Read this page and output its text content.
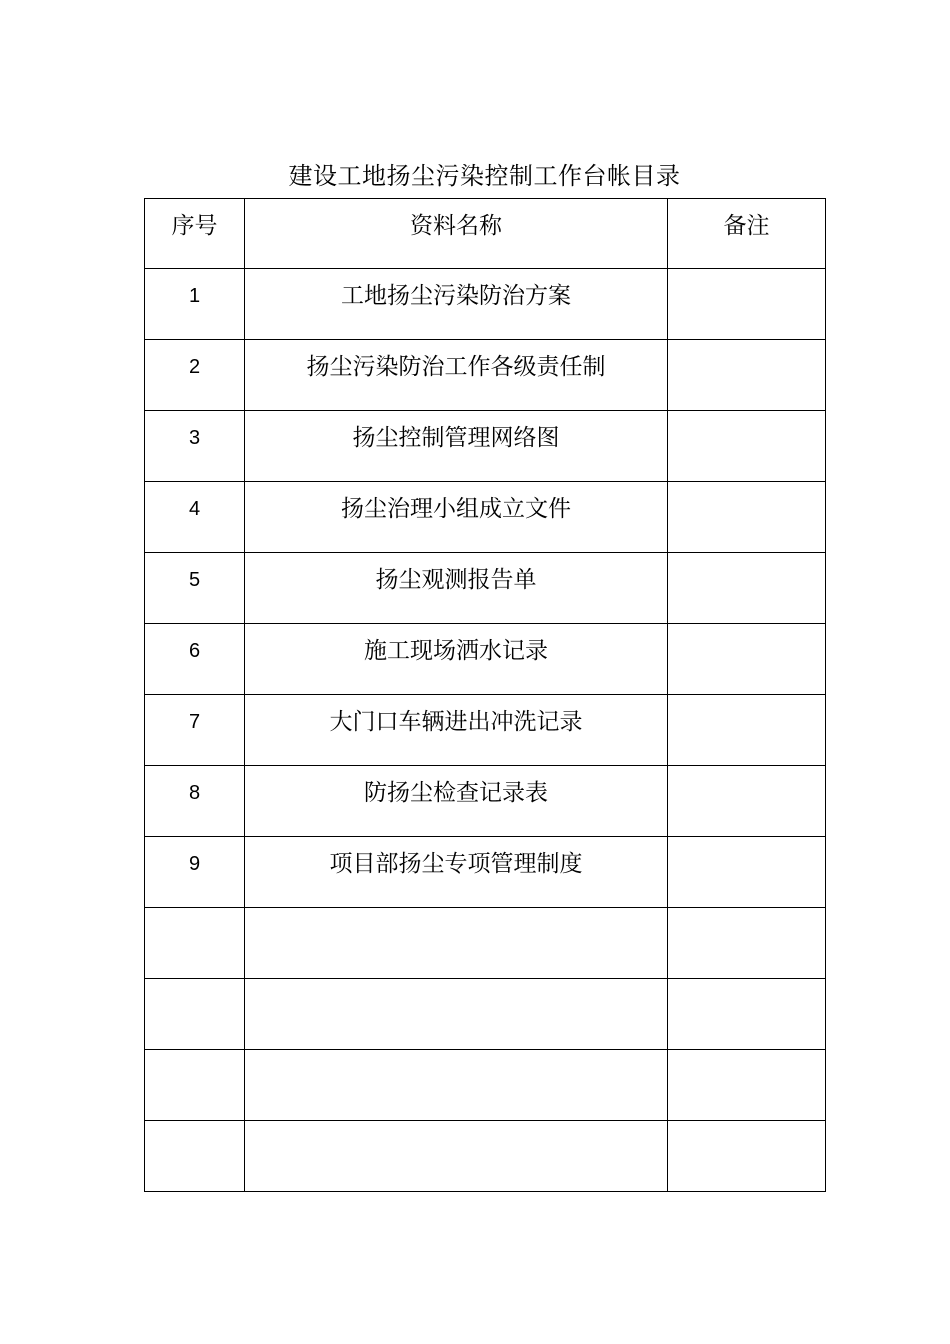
建设工地扬尘污染控制工作台帐目录
序号	资料名称	备注
1	工地扬尘污染防治方案	
2	扬尘污染防治工作各级责任制	
3	扬尘控制管理网络图	
4	扬尘治理小组成立文件	
5	扬尘观测报告单	
6	施工现场洒水记录	
7	大门口车辆进出冲洗记录	
8	防扬尘检查记录表	
9	项目部扬尘专项管理制度	
